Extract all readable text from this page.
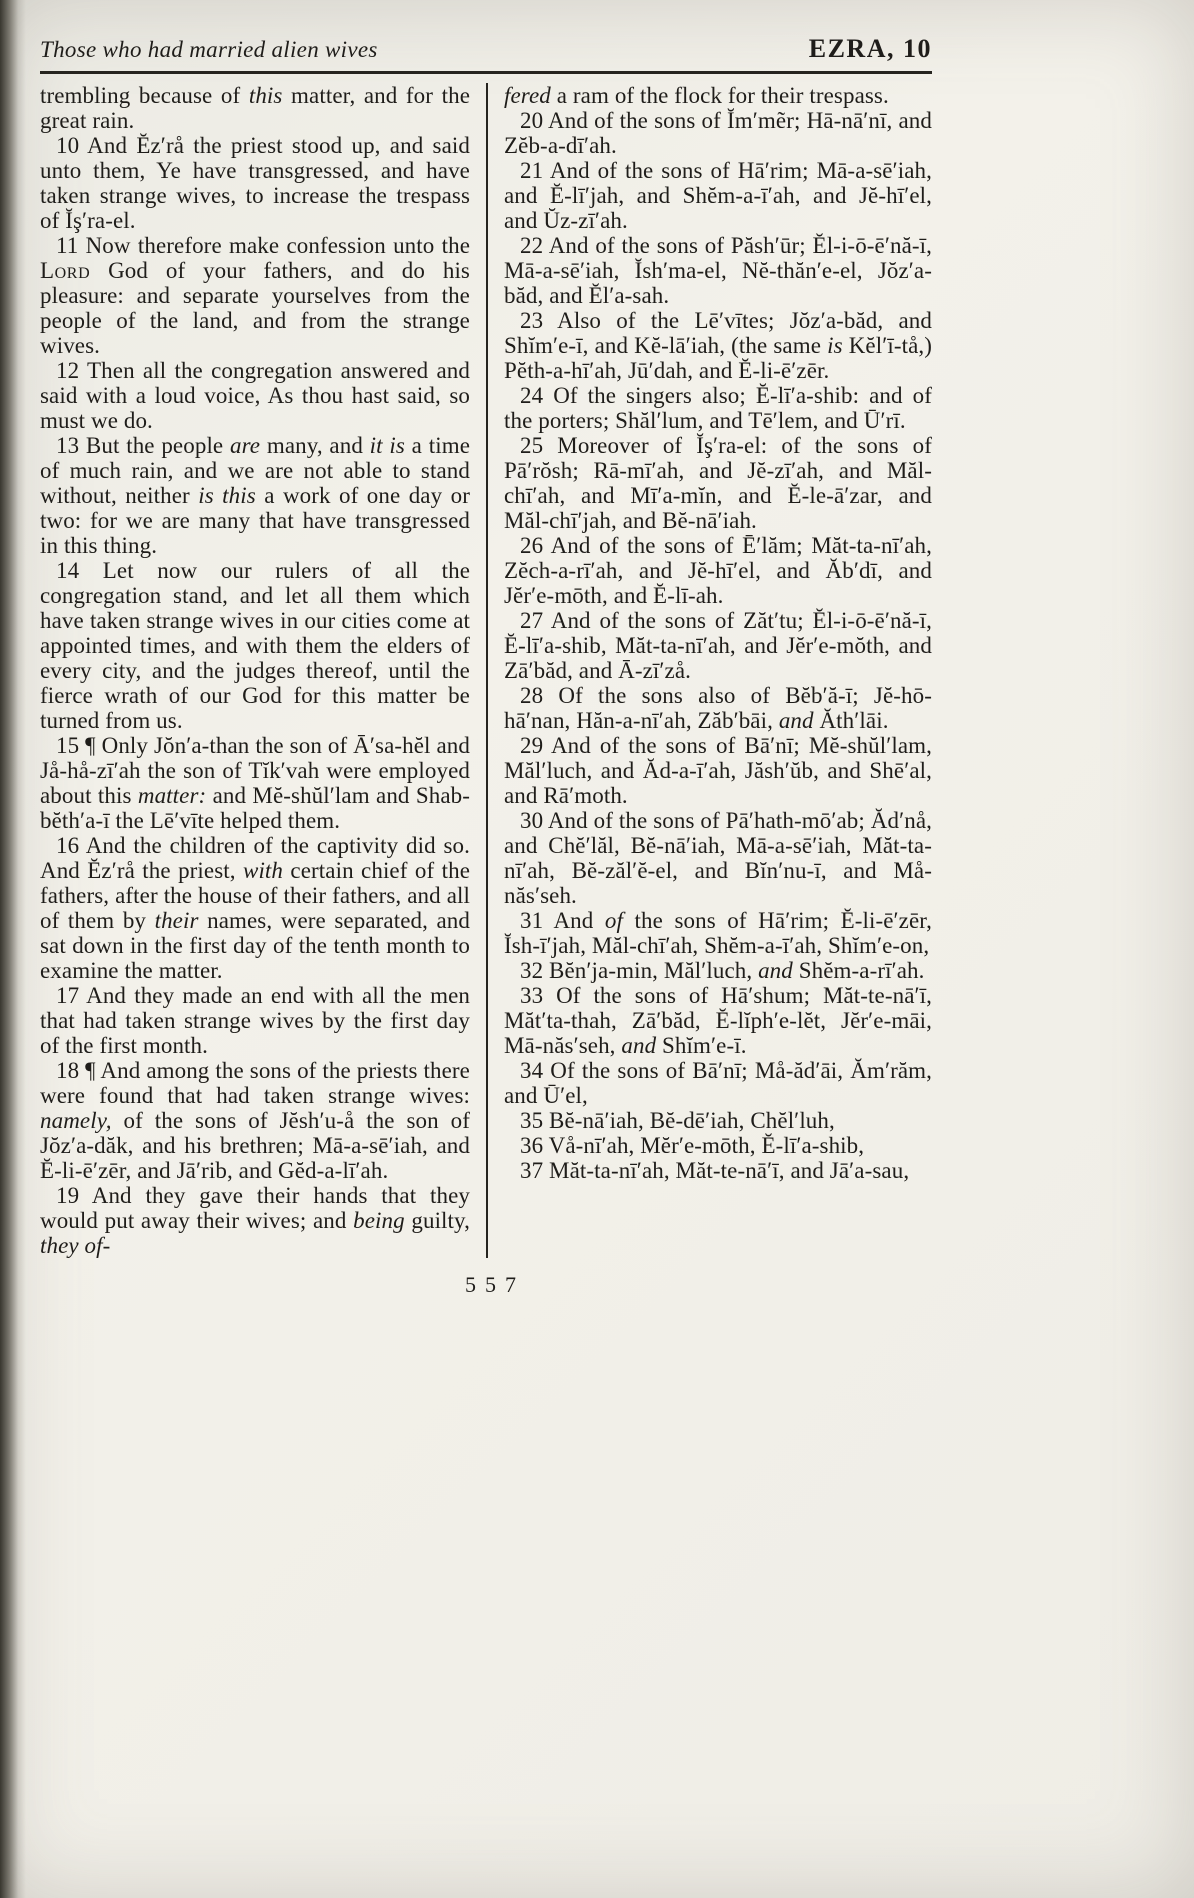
Those who had married alien wives	EZRA, 10

trembling because of this matter, and for the great rain.

10 And Ĕz′rå the priest stood up, and said unto them, Ye have transgressed, and have taken strange wives, to increase the trespass of Ĭş′ra-el.

11 Now therefore make confession unto the Lord God of your fathers, and do his pleasure: and separate yourselves from the people of the land, and from the strange wives.

12 Then all the congregation answered and said with a loud voice, As thou hast said, so must we do.

13 But the people are many, and it is a time of much rain, and we are not able to stand without, neither is this a work of one day or two: for we are many that have transgressed in this thing.

14 Let now our rulers of all the congregation stand, and let all them which have taken strange wives in our cities come at appointed times, and with them the elders of every city, and the judges thereof, until the fierce wrath of our God for this matter be turned from us.

15 ¶ Only Jŏn′a-than the son of Ā′sa-hĕl and Jå-hå-zī′ah the son of Tĭk′vah were employed about this matter: and Mĕ-shŭl′lam and Shab-bĕth′a-ī the Lē′vīte helped them.

16 And the children of the captivity did so. And Ĕz′rå the priest, with certain chief of the fathers, after the house of their fathers, and all of them by their names, were separated, and sat down in the first day of the tenth month to examine the matter.

17 And they made an end with all the men that had taken strange wives by the first day of the first month.

18 ¶ And among the sons of the priests there were found that had taken strange wives: namely, of the sons of Jĕsh′u-å the son of Jŏz′a-dăk, and his brethren; Mā-a-sē′iah, and Ĕ-li-ē′zēr, and Jā′rib, and Gĕd-a-lī′ah.

19 And they gave their hands that they would put away their wives; and being guilty, they of-

fered a ram of the flock for their trespass.

20 And of the sons of Ĭm′mẽr; Hā-nā′nī, and Zĕb-a-dī′ah.

21 And of the sons of Hā′rim; Mā-a-sē′iah, and Ĕ-lī′jah, and Shĕm-a-ī′ah, and Jĕ-hī′el, and Ŭz-zī′ah.

22 And of the sons of Păsh′ūr; Ĕl-i-ō-ē′nă-ī, Mā-a-sē′iah, Ĭsh′ma-el, Nĕ-thăn′e-el, Jŏz′a-băd, and Ĕl′a-sah.

23 Also of the Lē′vītes; Jŏz′a-băd, and Shĭm′e-ī, and Kĕ-lā′iah, (the same is Kĕl′ī-tå,) Pĕth-a-hī′ah, Jū′dah, and Ĕ-li-ē′zēr.

24 Of the singers also; Ĕ-lī′a-shib: and of the porters; Shăl′lum, and Tē′lem, and Ū′rī.

25 Moreover of Ĭş′ra-el: of the sons of Pā′rŏsh; Rā-mī′ah, and Jĕ-zī′ah, and Măl-chī′ah, and Mī′a-mĭn, and Ĕ-le-ā′zar, and Măl-chī′jah, and Bĕ-nā′iah.

26 And of the sons of Ē′lăm; Măt-ta-nī′ah, Zĕch-a-rī′ah, and Jĕ-hī′el, and Ăb′dī, and Jĕr′e-mōth, and Ĕ-lī-ah.

27 And of the sons of Zăt′tu; Ĕl-i-ō-ē′nă-ī, Ĕ-lī′a-shib, Măt-ta-nī′ah, and Jĕr′e-mŏth, and Zā′băd, and Ā-zī′zå.

28 Of the sons also of Bĕb′ă-ī; Jĕ-hō-hā′nan, Hăn-a-nī′ah, Zăb′bāi, and Ăth′lāi.

29 And of the sons of Bā′nī; Mĕ-shŭl′lam, Măl′luch, and Ăd-a-ī′ah, Jăsh′ŭb, and Shē′al, and Rā′moth.

30 And of the sons of Pā′hath-mō′ab; Ăd′nå, and Chĕ′lăl, Bĕ-nā′iah, Mā-a-sē′iah, Măt-ta-nī′ah, Bĕ-zăl′ĕ-el, and Bĭn′nu-ī, and Må-năs′seh.

31 And of the sons of Hā′rim; Ĕ-li-ē′zēr, Ĭsh-ī′jah, Măl-chī′ah, Shĕm-a-ī′ah, Shĭm′e-on,

32 Bĕn′ja-min, Măl′luch, and Shĕm-a-rī′ah.

33 Of the sons of Hā′shum; Măt-te-nā′ī, Măt′ta-thah, Zā′băd, Ĕ-lĭph′e-lĕt, Jĕr′e-māi, Mā-năs′seh, and Shĭm′e-ī.

34 Of the sons of Bā′nī; Må-ăd′āi, Ăm′răm, and Ū′el,

35 Bĕ-nā′iah, Bĕ-dē′iah, Chĕl′luh,

36 Vå-nī′ah, Mĕr′e-mōth, Ĕ-lī′a-shib,

37 Măt-ta-nī′ah, Măt-te-nā′ī, and Jā′a-sau,

557
